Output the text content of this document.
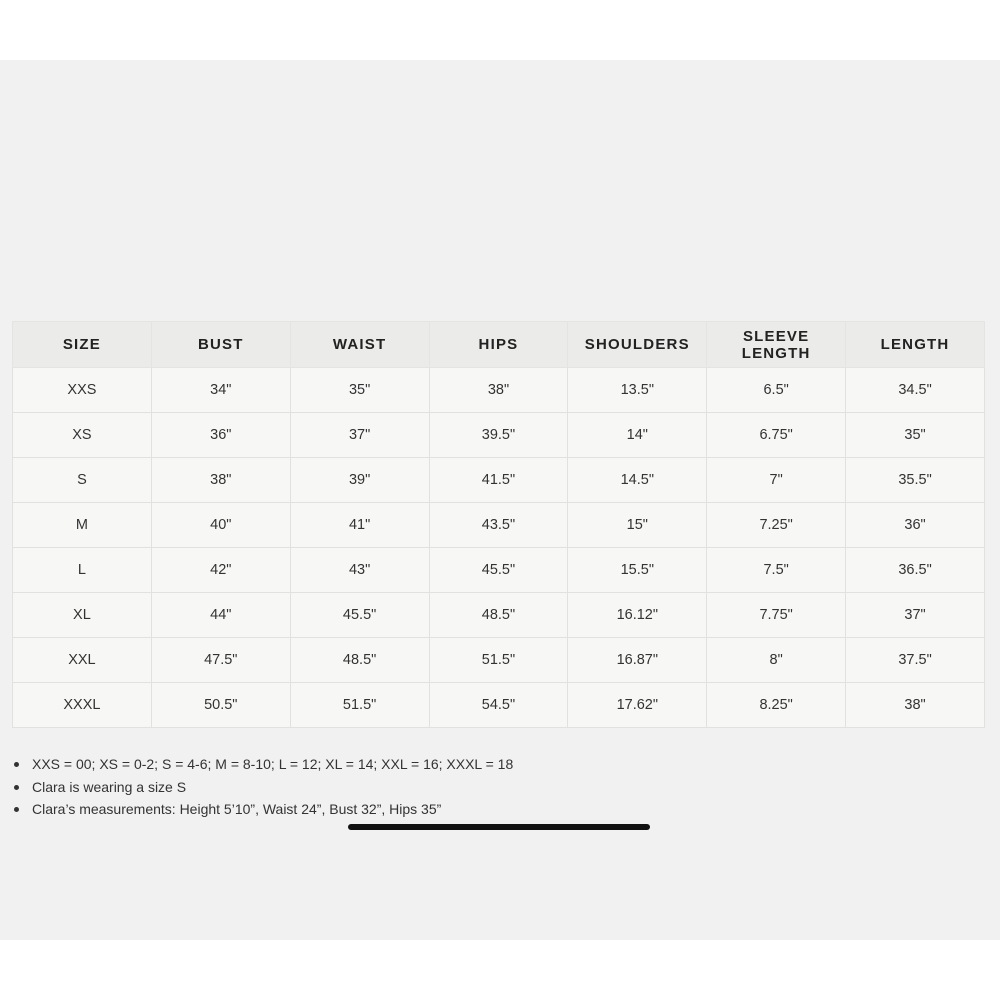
SIZE	BUST	WAIST	HIPS	SHOULDERS	SLEEVE LENGTH	LENGTH
XXS	34"	35"	38"	13.5"	6.5"	34.5"
XS	36"	37"	39.5"	14"	6.75"	35"
S	38"	39"	41.5"	14.5"	7"	35.5"
M	40"	41"	43.5"	15"	7.25"	36"
L	42"	43"	45.5"	15.5"	7.5"	36.5"
XL	44"	45.5"	48.5"	16.12"	7.75"	37"
XXL	47.5"	48.5"	51.5"	16.87"	8"	37.5"
XXXL	50.5"	51.5"	54.5"	17.62"	8.25"	38"
XXS = 00; XS = 0-2; S = 4-6; M = 8-10; L = 12; XL = 14; XXL = 16; XXXL = 18
Clara is wearing a size S
Clara’s measurements: Height 5’10”, Waist 24”, Bust 32”, Hips 35”
